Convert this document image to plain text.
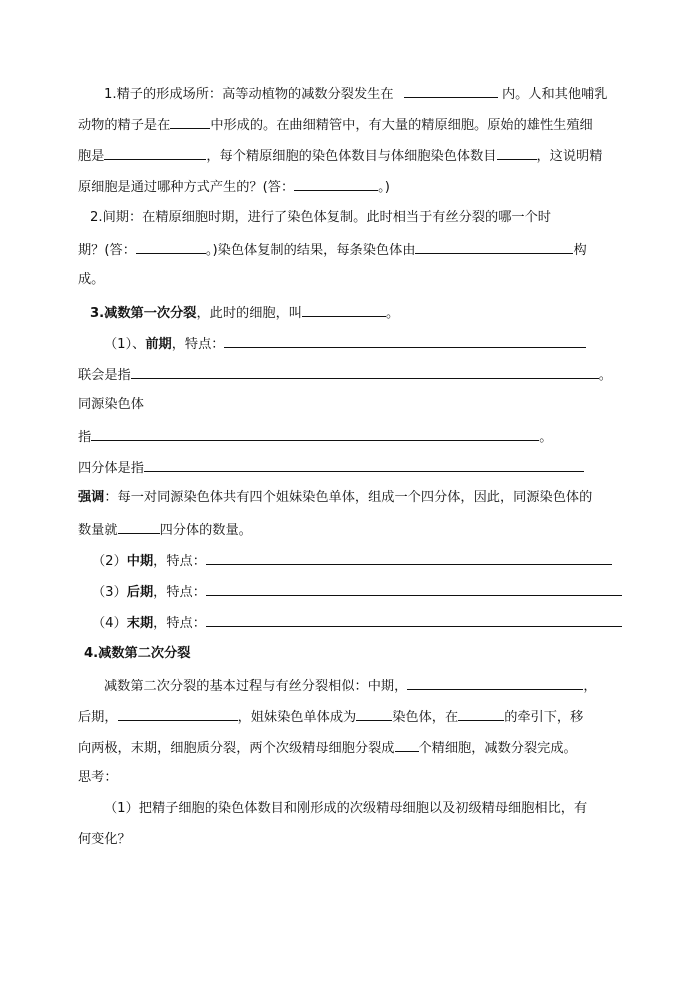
1.精子的形成场所：高等动植物的减数分裂发生在	内。人和其他哺乳
动物的精子是在	中形成的。在曲细精管中，有大量的精原细胞。原始的雄性生殖细
胞是	，每个精原细胞的染色体数目与体细胞染色体数目	，这说明精
原细胞是通过哪种方式产生的？(答：	。)
2.间期：在精原细胞时期，进行了染色体复制。此时相当于有丝分裂的哪一个时
期？(答：	。)染色体复制的结果，每条染色体由	构
成。
3.减数第一次分裂，此时的细胞，叫	。
（1）、前期，特点：
联会是指	。
同源染色体
指	。
四分体是指
强调：每一对同源染色体共有四个姐妹染色单体，组成一个四分体，因此，同源染色体的
数量就	四分体的数量。
（2）中期，特点：
（3）后期，特点：
（4）末期，特点：
4.减数第二次分裂
减数第二次分裂的基本过程与有丝分裂相似：中期，	，
后期，	，姐妹染色单体成为	染色体，在	的牵引下，移
向两极，末期，细胞质分裂，两个次级精母细胞分裂成 个精细胞，减数分裂完成。
思考：
（1）把精子细胞的染色体数目和刚形成的次级精母细胞以及初级精母细胞相比，有
何变化？
